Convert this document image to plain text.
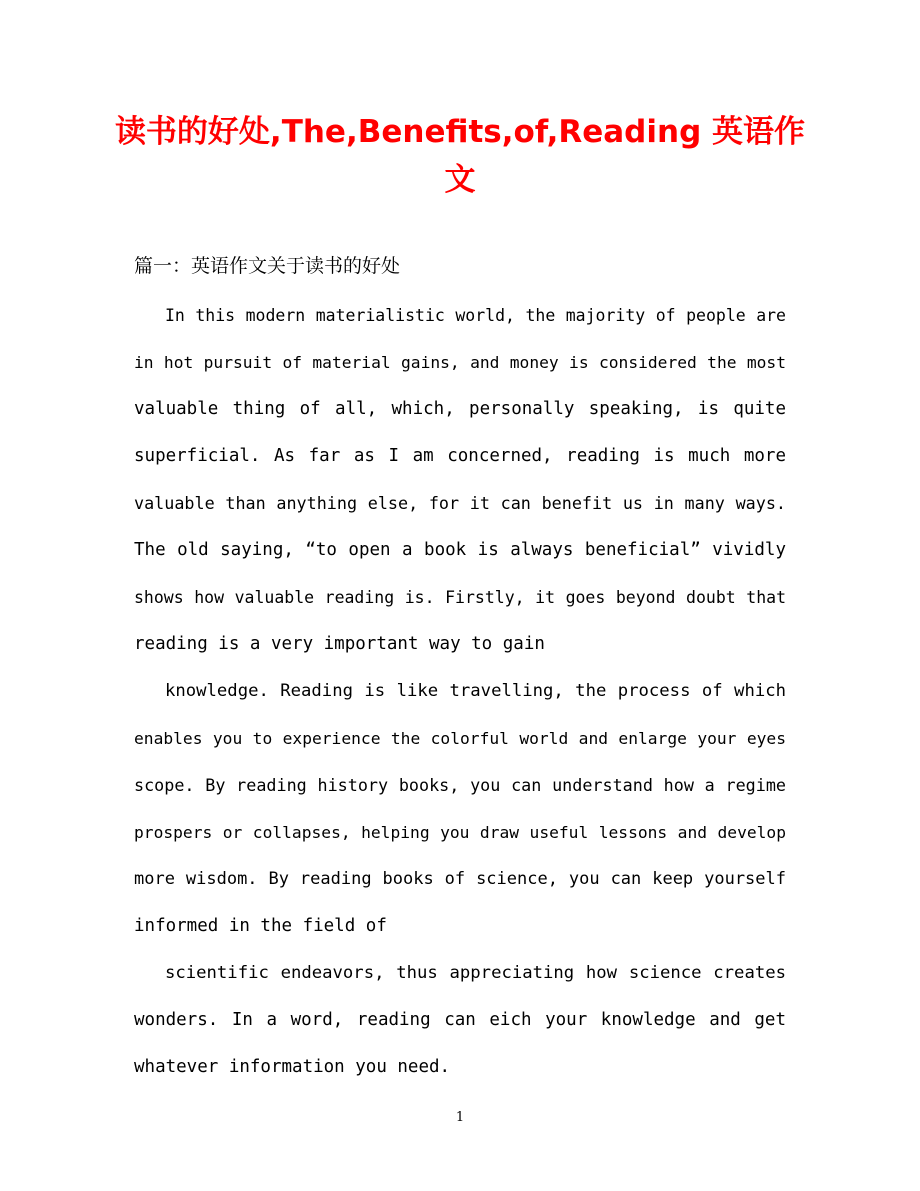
读书的好处,The,Benefits,of,Reading 英语作文
篇一：英语作文关于读书的好处
In this modern materialistic world, the majority of people are
in hot pursuit of material gains, and money is considered the most
valuable thing of all, which, personally speaking, is quite
superficial. As far as I am concerned, reading is much more
valuable than anything else, for it can benefit us in many ways.
The old saying, “to open a book is always beneficial” vividly
shows how valuable reading is. Firstly, it goes beyond doubt that
reading is a very important way to gain
knowledge. Reading is like travelling, the process of which
enables you to experience the colorful world and enlarge your eyes
scope. By reading history books, you can understand how a regime
prospers or collapses, helping you draw useful lessons and develop
more wisdom. By reading books of science, you can keep yourself
informed in the field of
scientific endeavors, thus appreciating how science creates
wonders. In a word, reading can eich your knowledge and get
whatever information you need.
1
